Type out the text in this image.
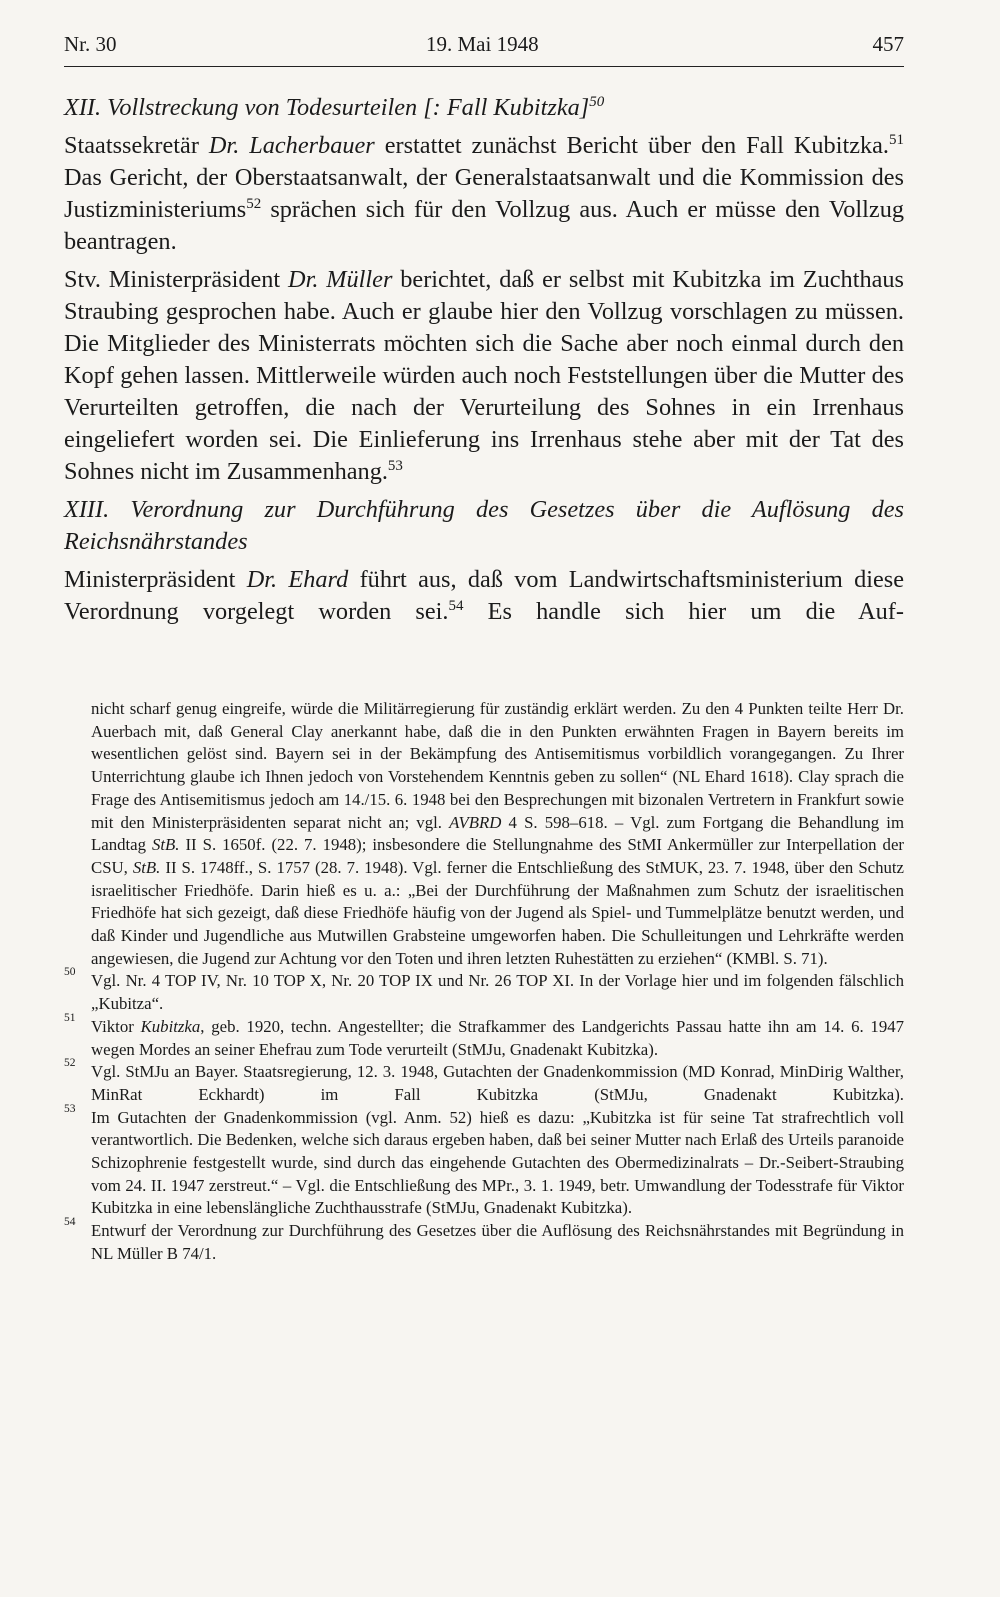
Nr. 30	19. Mai 1948	457

XII. Vollstreckung von Todesurteilen [: Fall Kubitzka]$^{50}$

Staatssekretär Dr. Lacherbauer erstattet zunächst Bericht über den Fall Kubitzka.$^{51}$ Das Gericht, der Oberstaatsanwalt, der Generalstaatsanwalt und die Kommission des Justizministeriums$^{52}$ sprächen sich für den Vollzug aus. Auch er müsse den Vollzug beantragen.

Stv. Ministerpräsident Dr. Müller berichtet, daß er selbst mit Kubitzka im Zuchthaus Straubing gesprochen habe. Auch er glaube hier den Vollzug vorschlagen zu müssen. Die Mitglieder des Ministerrats möchten sich die Sache aber noch einmal durch den Kopf gehen lassen. Mittlerweile würden auch noch Feststellungen über die Mutter des Verurteilten getroffen, die nach der Verurteilung des Sohnes in ein Irrenhaus eingeliefert worden sei. Die Einlieferung ins Irrenhaus stehe aber mit der Tat des Sohnes nicht im Zusammenhang.$^{53}$

XIII. Verordnung zur Durchführung des Gesetzes über die Auflösung des Reichsnährstandes

Ministerpräsident Dr. Ehard führt aus, daß vom Landwirtschaftsministerium diese Verordnung vorgelegt worden sei.$^{54}$ Es handle sich hier um die Auf-

nicht scharf genug eingreife, würde die Militärregierung für zuständig erklärt werden. Zu den 4 Punkten teilte Herr Dr. Auerbach mit, daß General Clay anerkannt habe, daß die in den Punkten erwähnten Fragen in Bayern bereits im wesentlichen gelöst sind. Bayern sei in der Bekämpfung des Antisemitismus vorbildlich vorangegangen. Zu Ihrer Unterrichtung glaube ich Ihnen jedoch von Vorstehendem Kenntnis geben zu sollen“ (NL Ehard 1618). Clay sprach die Frage des Antisemitismus jedoch am 14./15. 6. 1948 bei den Besprechungen mit bizonalen Vertretern in Frankfurt sowie mit den Ministerpräsidenten separat nicht an; vgl. AVBRD 4 S. 598–618. – Vgl. zum Fortgang die Behandlung im Landtag StB. II S. 1650f. (22. 7. 1948); insbesondere die Stellungnahme des StMI Ankermüller zur Interpellation der CSU, StB. II S. 1748ff., S. 1757 (28. 7. 1948). Vgl. ferner die Entschließung des StMUK, 23. 7. 1948, über den Schutz israelitischer Friedhöfe. Darin hieß es u. a.: „Bei der Durchführung der Maßnahmen zum Schutz der israelitischen Friedhöfe hat sich gezeigt, daß diese Friedhöfe häufig von der Jugend als Spiel- und Tummelplätze benutzt werden, und daß Kinder und Jugendliche aus Mutwillen Grabsteine umgeworfen haben. Die Schulleitungen und Lehrkräfte werden angewiesen, die Jugend zur Achtung vor den Toten und ihren letzten Ruhestätten zu erziehen“ (KMBl. S. 71).

50 Vgl. Nr. 4 TOP IV, Nr. 10 TOP X, Nr. 20 TOP IX und Nr. 26 TOP XI. In der Vorlage hier und im folgenden fälschlich „Kubitza“.

51 Viktor Kubitzka, geb. 1920, techn. Angestellter; die Strafkammer des Landgerichts Passau hatte ihn am 14. 6. 1947 wegen Mordes an seiner Ehefrau zum Tode verurteilt (StMJu, Gnadenakt Kubitzka).

52 Vgl. StMJu an Bayer. Staatsregierung, 12. 3. 1948, Gutachten der Gnadenkommission (MD Konrad, MinDirig Walther, MinRat Eckhardt) im Fall Kubitzka (StMJu, Gnadenakt Kubitzka).

53 Im Gutachten der Gnadenkommission (vgl. Anm. 52) hieß es dazu: „Kubitzka ist für seine Tat strafrechtlich voll verantwortlich. Die Bedenken, welche sich daraus ergeben haben, daß bei seiner Mutter nach Erlaß des Urteils paranoide Schizophrenie festgestellt wurde, sind durch das eingehende Gutachten des Obermedizinalrats – Dr.-Seibert-Straubing vom 24. II. 1947 zerstreut.“ – Vgl. die Entschließung des MPr., 3. 1. 1949, betr. Umwandlung der Todesstrafe für Viktor Kubitzka in eine lebenslängliche Zuchthausstrafe (StMJu, Gnadenakt Kubitzka).

54 Entwurf der Verordnung zur Durchführung des Gesetzes über die Auflösung des Reichsnährstandes mit Begründung in NL Müller B 74/1.
